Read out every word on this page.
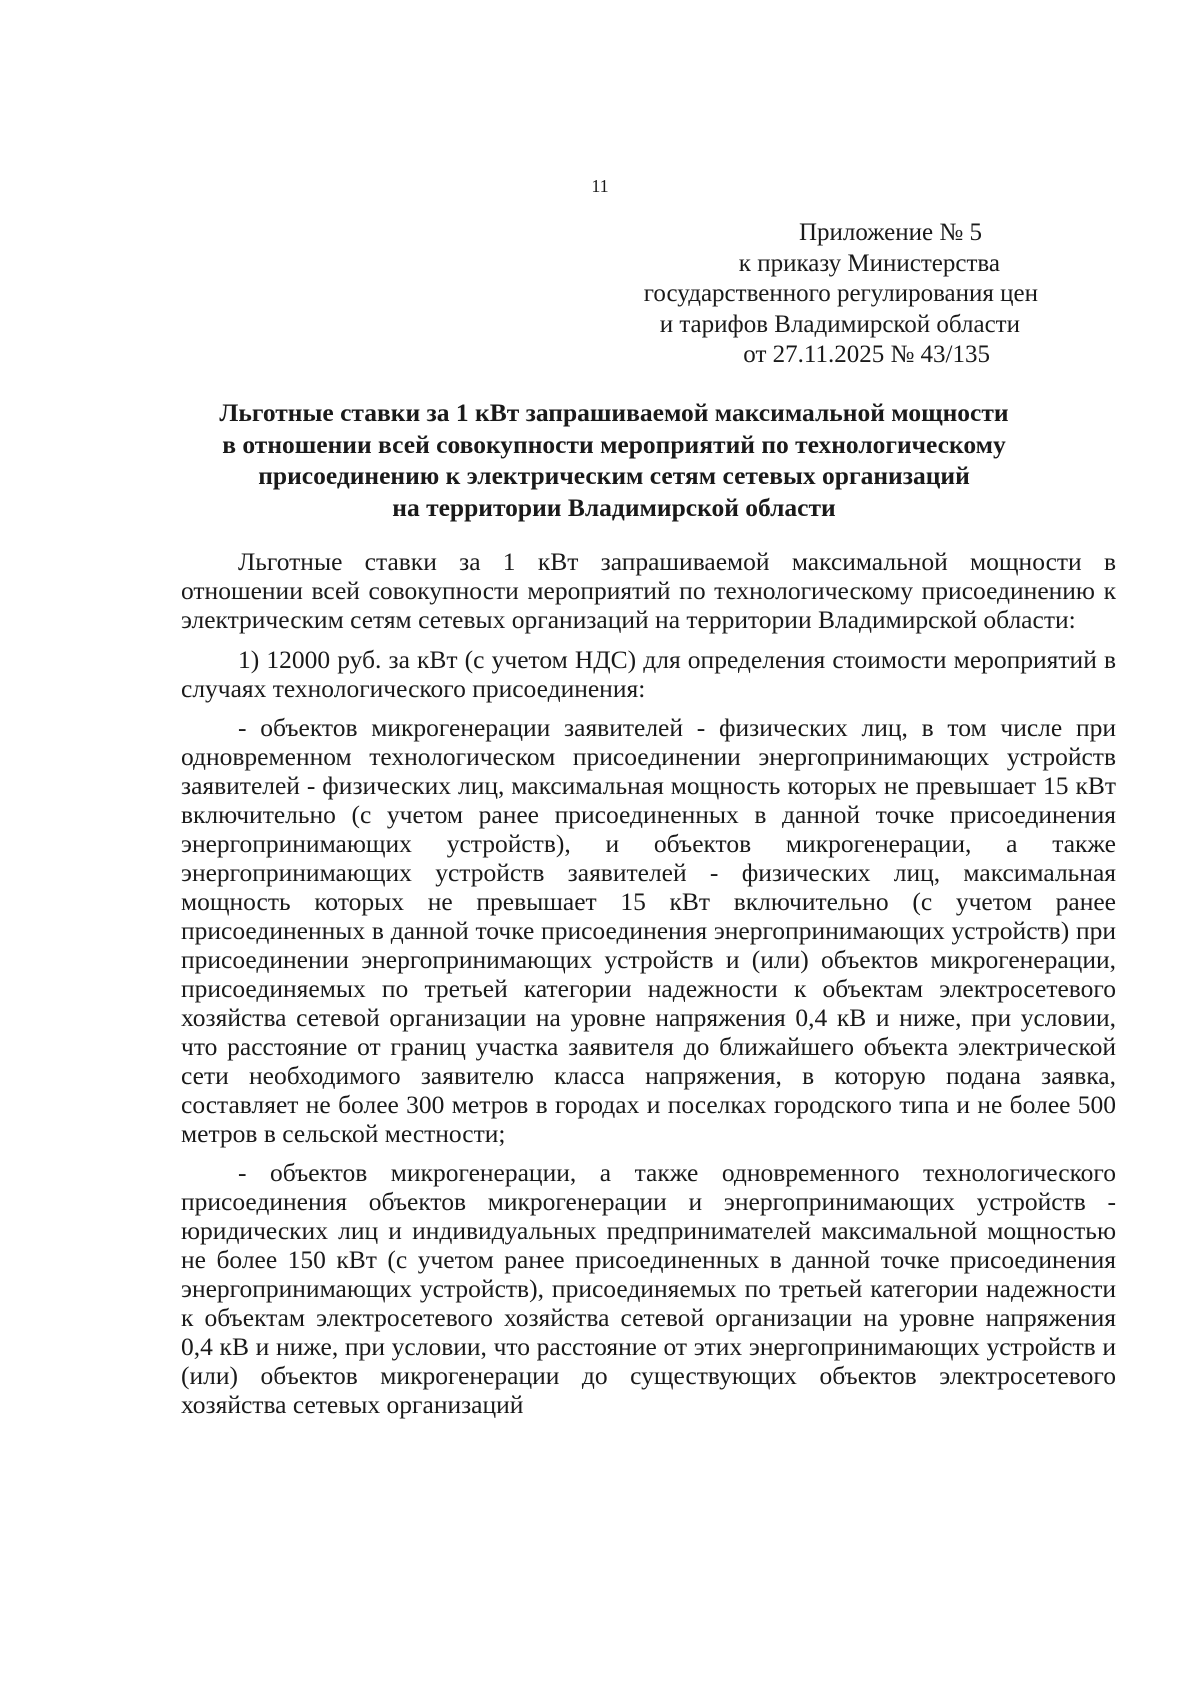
11
Приложение № 5
к приказу Министерства
государственного регулирования цен
и тарифов Владимирской области
от 27.11.2025 № 43/135
Льготные ставки за 1 кВт запрашиваемой максимальной мощности
в отношении всей совокупности мероприятий по технологическому
присоединению к электрическим сетям сетевых организаций
на территории Владимирской области

Льготные ставки за 1 кВт запрашиваемой максимальной мощности в отношении всей совокупности мероприятий по технологическому присоединению к электрическим сетям сетевых организаций на территории Владимирской области:

1) 12000 руб. за кВт (с учетом НДС) для определения стоимости мероприятий в случаях технологического присоединения:

- объектов микрогенерации заявителей - физических лиц, в том числе при одновременном технологическом присоединении энергопринимающих устройств заявителей - физических лиц, максимальная мощность которых не превышает 15 кВт включительно (с учетом ранее присоединенных в данной точке присоединения энергопринимающих устройств), и объектов микрогенерации, а также энергопринимающих устройств заявителей - физических лиц, максимальная мощность которых не превышает 15 кВт включительно (с учетом ранее присоединенных в данной точке присоединения энергопринимающих устройств) при присоединении энергопринимающих устройств и (или) объектов микрогенерации, присоединяемых по третьей категории надежности к объектам электросетевого хозяйства сетевой организации на уровне напряжения 0,4 кВ и ниже, при условии, что расстояние от границ участка заявителя до ближайшего объекта электрической сети необходимого заявителю класса напряжения, в которую подана заявка, составляет не более 300 метров в городах и поселках городского типа и не более 500 метров в сельской местности;

- объектов микрогенерации, а также одновременного технологического присоединения объектов микрогенерации и энергопринимающих устройств - юридических лиц и индивидуальных предпринимателей максимальной мощностью не более 150 кВт (с учетом ранее присоединенных в данной точке присоединения энергопринимающих устройств), присоединяемых по третьей категории надежности к объектам электросетевого хозяйства сетевой организации на уровне напряжения 0,4 кВ и ниже, при условии, что расстояние от этих энергопринимающих устройств и (или) объектов микрогенерации до существующих объектов электросетевого хозяйства сетевых организаций
